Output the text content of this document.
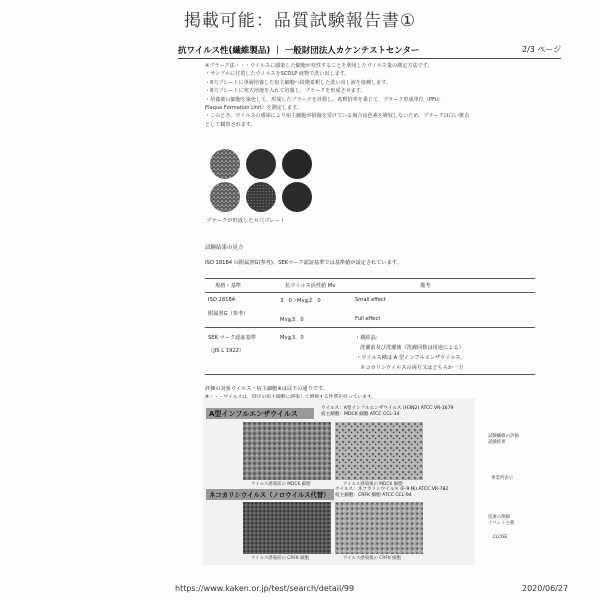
掲載可能：品質試験報告書①
抗ワイルス性(繊維製品) ｜ 一般財団法人カケンテストセンター	2/3 ページ
※プラーク法・・・ウイルスに感染した細胞が変性することを利用したウイルス量の測定方法です。
・サンプルに付着したウイルスをSCDLP 液物で洗い出します。
・6穴プレートに単層培養した宿主細胞へ段階希釈した洗い出し液を接種します。
・6穴プレートに寒天培地を入れて培養し、プラークを形成させます。
・培養後の細胞を染色して、形成したプラークを計数し、希釈倍率を乗じて、プラーク形成単位（PFU：
Plaque Formation Unit）を測定します。
・このとき、ウイルスの感染により宿主細胞が損傷を受けている場合は色素を吸収しないため、プラークは白い斑点
として観察されます。
プラークが形成した６穴プレート
試験結果の見方
ISO 18184 の附属書G(参考)、SEKマーク認証基準では基準値が設定されています。
規格・基準	抗ウイルス活性値 Mv	備考
ISO 18184	3．0＞Mv≧2．0	Small effect
附属書G（参考）
Mv≧3．0	Full effect
SEK マーク認証基準	Mv≧3．0	・親結晶：
（JIS L 1922）	洗濯前及び洗濯後（洗濯回数は用途による）
・ウイルス種は A 型インフルエンザウイルス、
ネコカリシウイルスの両方又はどちらか一方
評価の対象ウイルス・宿主細胞※は以下の通りです。
A型インフルエンザウイルス
ウイルス：A型インフルエンザウイルス (H3N2) ATCC VR-1679
宿主細胞：MDCK 細胞 ATCC CCL-34
ウイルス感染前の MDCK 細胞	ウイルス感染後の MDCK 細胞
ネコカリシウイルス（ノロウイルス代替）
ウイルス：ネコカリシウイルス (F-9 株) ATCC VR-782
宿主細胞：CRFK 細胞 ATCC CCL-94
ウイルス感染前の CRFK 細胞	ウイルス感染後の CRFK 細胞
試験繊維の評価
試験結果
事業所表示
技術の理解
イベント主催
CLOSE
https://www.kaken.or.jp/test/search/detail/99	2020/06/27
